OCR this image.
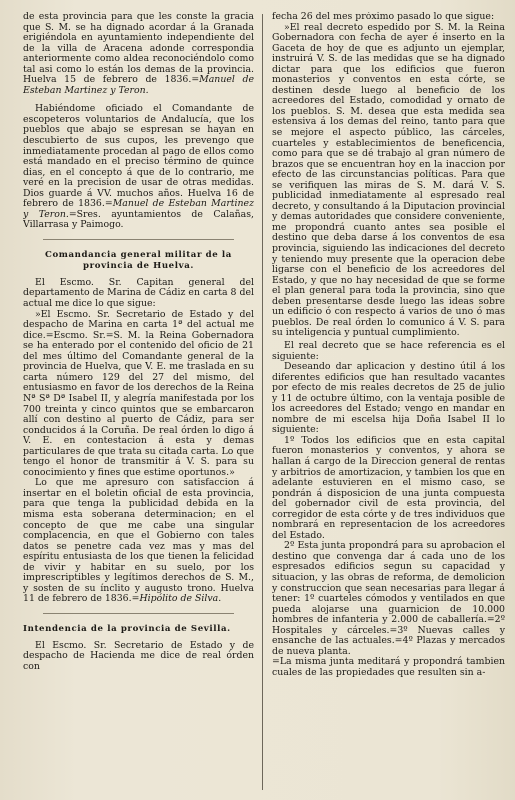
de esta provincia para que les conste la gracia que S. M. se ha dignado acordar á la Granada erigiéndola en ayuntamiento independiente del de la villa de Aracena adonde correspondia anteriormente como aldea reconociéndolo como tal asi como lo están los demas de la provincia. Huelva 15 de febrero de 1836.=Manuel de Esteban Martinez y Teron.

Habiéndome oficiado el Comandante de escopeteros voluntarios de Andalucía, que los pueblos que abajo se espresan se hayan en descubierto de sus cupos, les prevengo que inmediatamente procedan al pago de ellos como está mandado en el preciso término de quince dias, en el concepto á que de lo contrario, me veré en la precision de usar de otras medidas. Dios guarde á VV. muchos años. Huelva 16 de febrero de 1836.=Manuel de Esteban Martinez y Teron.=Sres. ayuntamientos de Calañas, Villarrasa y Paimogo.

Comandancia general militar de la provincia de Huelva.

El Escmo. Sr. Capitan general del departamento de Marina de Cádiz en carta 8 del actual me dice lo que sigue:

»El Escmo. Sr. Secretario de Estado y del despacho de Marina en carta 1ª del actual me dice.=Escmo. Sr.=S. M. la Reina Gobernadora se ha enterado por el contenido del oficio de 21 del mes último del Comandante general de la provincia de Huelva, que V. E. me traslada en su carta número 129 del 27 del mismo, del entusiasmo en favor de los derechos de la Reina Nª Sª Dª Isabel II, y alegría manifestada por los 700 treinta y cinco quintos que se embarcaron allí con destino al puerto de Cádiz, para ser conducidos á la Coruña. De real órden lo digo á V. E. en contestacion á esta y demas particulares de que trata su citada carta. Lo que tengo el honor de transmitir á V. S. para su conocimiento y fines que estime oportunos.»

Lo que me apresuro con satisfaccion á insertar en el boletin oficial de esta provincia, para que tenga la publicidad debida en la misma esta soberana determinacion; en el concepto de que me cabe una singular complacencia, en que el Gobierno con tales datos se penetre cada vez mas y mas del espíritu entusiasta de los que tienen la felicidad de vivir y habitar en su suelo, por los imprescriptibles y legítimos derechos de S. M., y sosten de su ínclito y augusto trono. Huelva 11 de febrero de 1836.=Hipólito de Silva.

Intendencia de la provincia de Sevilla.

El Escmo. Sr. Secretario de Estado y de despacho de Hacienda me dice de real órden con

fecha 26 del mes próximo pasado lo que sigue:

»El real decreto espedido por S. M. la Reina Gobernadora con fecha de ayer é inserto en la Gaceta de hoy de que es adjunto un ejemplar, instruirá V. S. de las medidas que se ha dignado dictar para que los edificios que fueron monasterios y conventos en esta córte, se destinen desde luego al beneficio de los acreedores del Estado, comodidad y ornato de los pueblos. S. M. desea que esta medida sea estensiva á los demas del reino, tanto para que se mejore el aspecto público, las cárceles, cuarteles y establecimientos de beneficencia, como para que se dé trabajo al gran número de brazos que se encuentran hoy en la inaccion por efecto de las circunstancias políticas. Para que se verifiquen las miras de S. M. dará V. S. publicidad inmediatamente al espresado real decreto, y consultando á la Diputacion provincial y demas autoridades que considere conveniente, me propondrá cuanto antes sea posible el destino que deba darse á los conventos de esa provincia, siguiendo las indicaciones del decreto y teniendo muy presente que la operacion debe ligarse con el beneficio de los acreedores del Estado, y que no hay necesidad de que se forme el plan general para toda la provincia, sino que deben presentarse desde luego las ideas sobre un edificio ó con respecto á varios de uno ó mas pueblos. De real órden lo comunico á V. S. para su inteligencia y puntual cumplimiento.

El real decreto que se hace referencia es el siguiente:

Deseando dar aplicacion y destino útil á los diferentes edificios que han resultado vacantes por efecto de mis reales decretos de 25 de julio y 11 de octubre último, con la ventaja posible de los acreedores del Estado; vengo en mandar en nombre de mi escelsa hija Doña Isabel II lo siguiente:

1º Todos los edificios que en esta capital fueron monasterios y conventos, y ahora se hallan á cargo de la Direccion general de rentas y arbitrios de amortizacion, y tambien los que en adelante estuvieren en el mismo caso, se pondrán á disposicion de una junta compuesta del gobernador civil de esta provincia, del corregidor de esta córte y de tres individuos que nombrará en representacion de los acreedores del Estado.

2º Esta junta propondrá para su aprobacion el destino que convenga dar á cada uno de los espresados edificios segun su capacidad y situacion, y las obras de reforma, de demolicion y construccion que sean necesarias para llegar á tener: 1º cuarteles cómodos y ventilados en que pueda alojarse una guarnicion de 10.000 hombres de infanteria y 2.000 de caballería.=2º Hospitales y cárceles.=3º Nuevas calles y ensanche de las actuales.=4º Plazas y mercados de nueva planta.

=La misma junta meditará y propondrá tambien cuales de las propiedades que resulten sin a-
